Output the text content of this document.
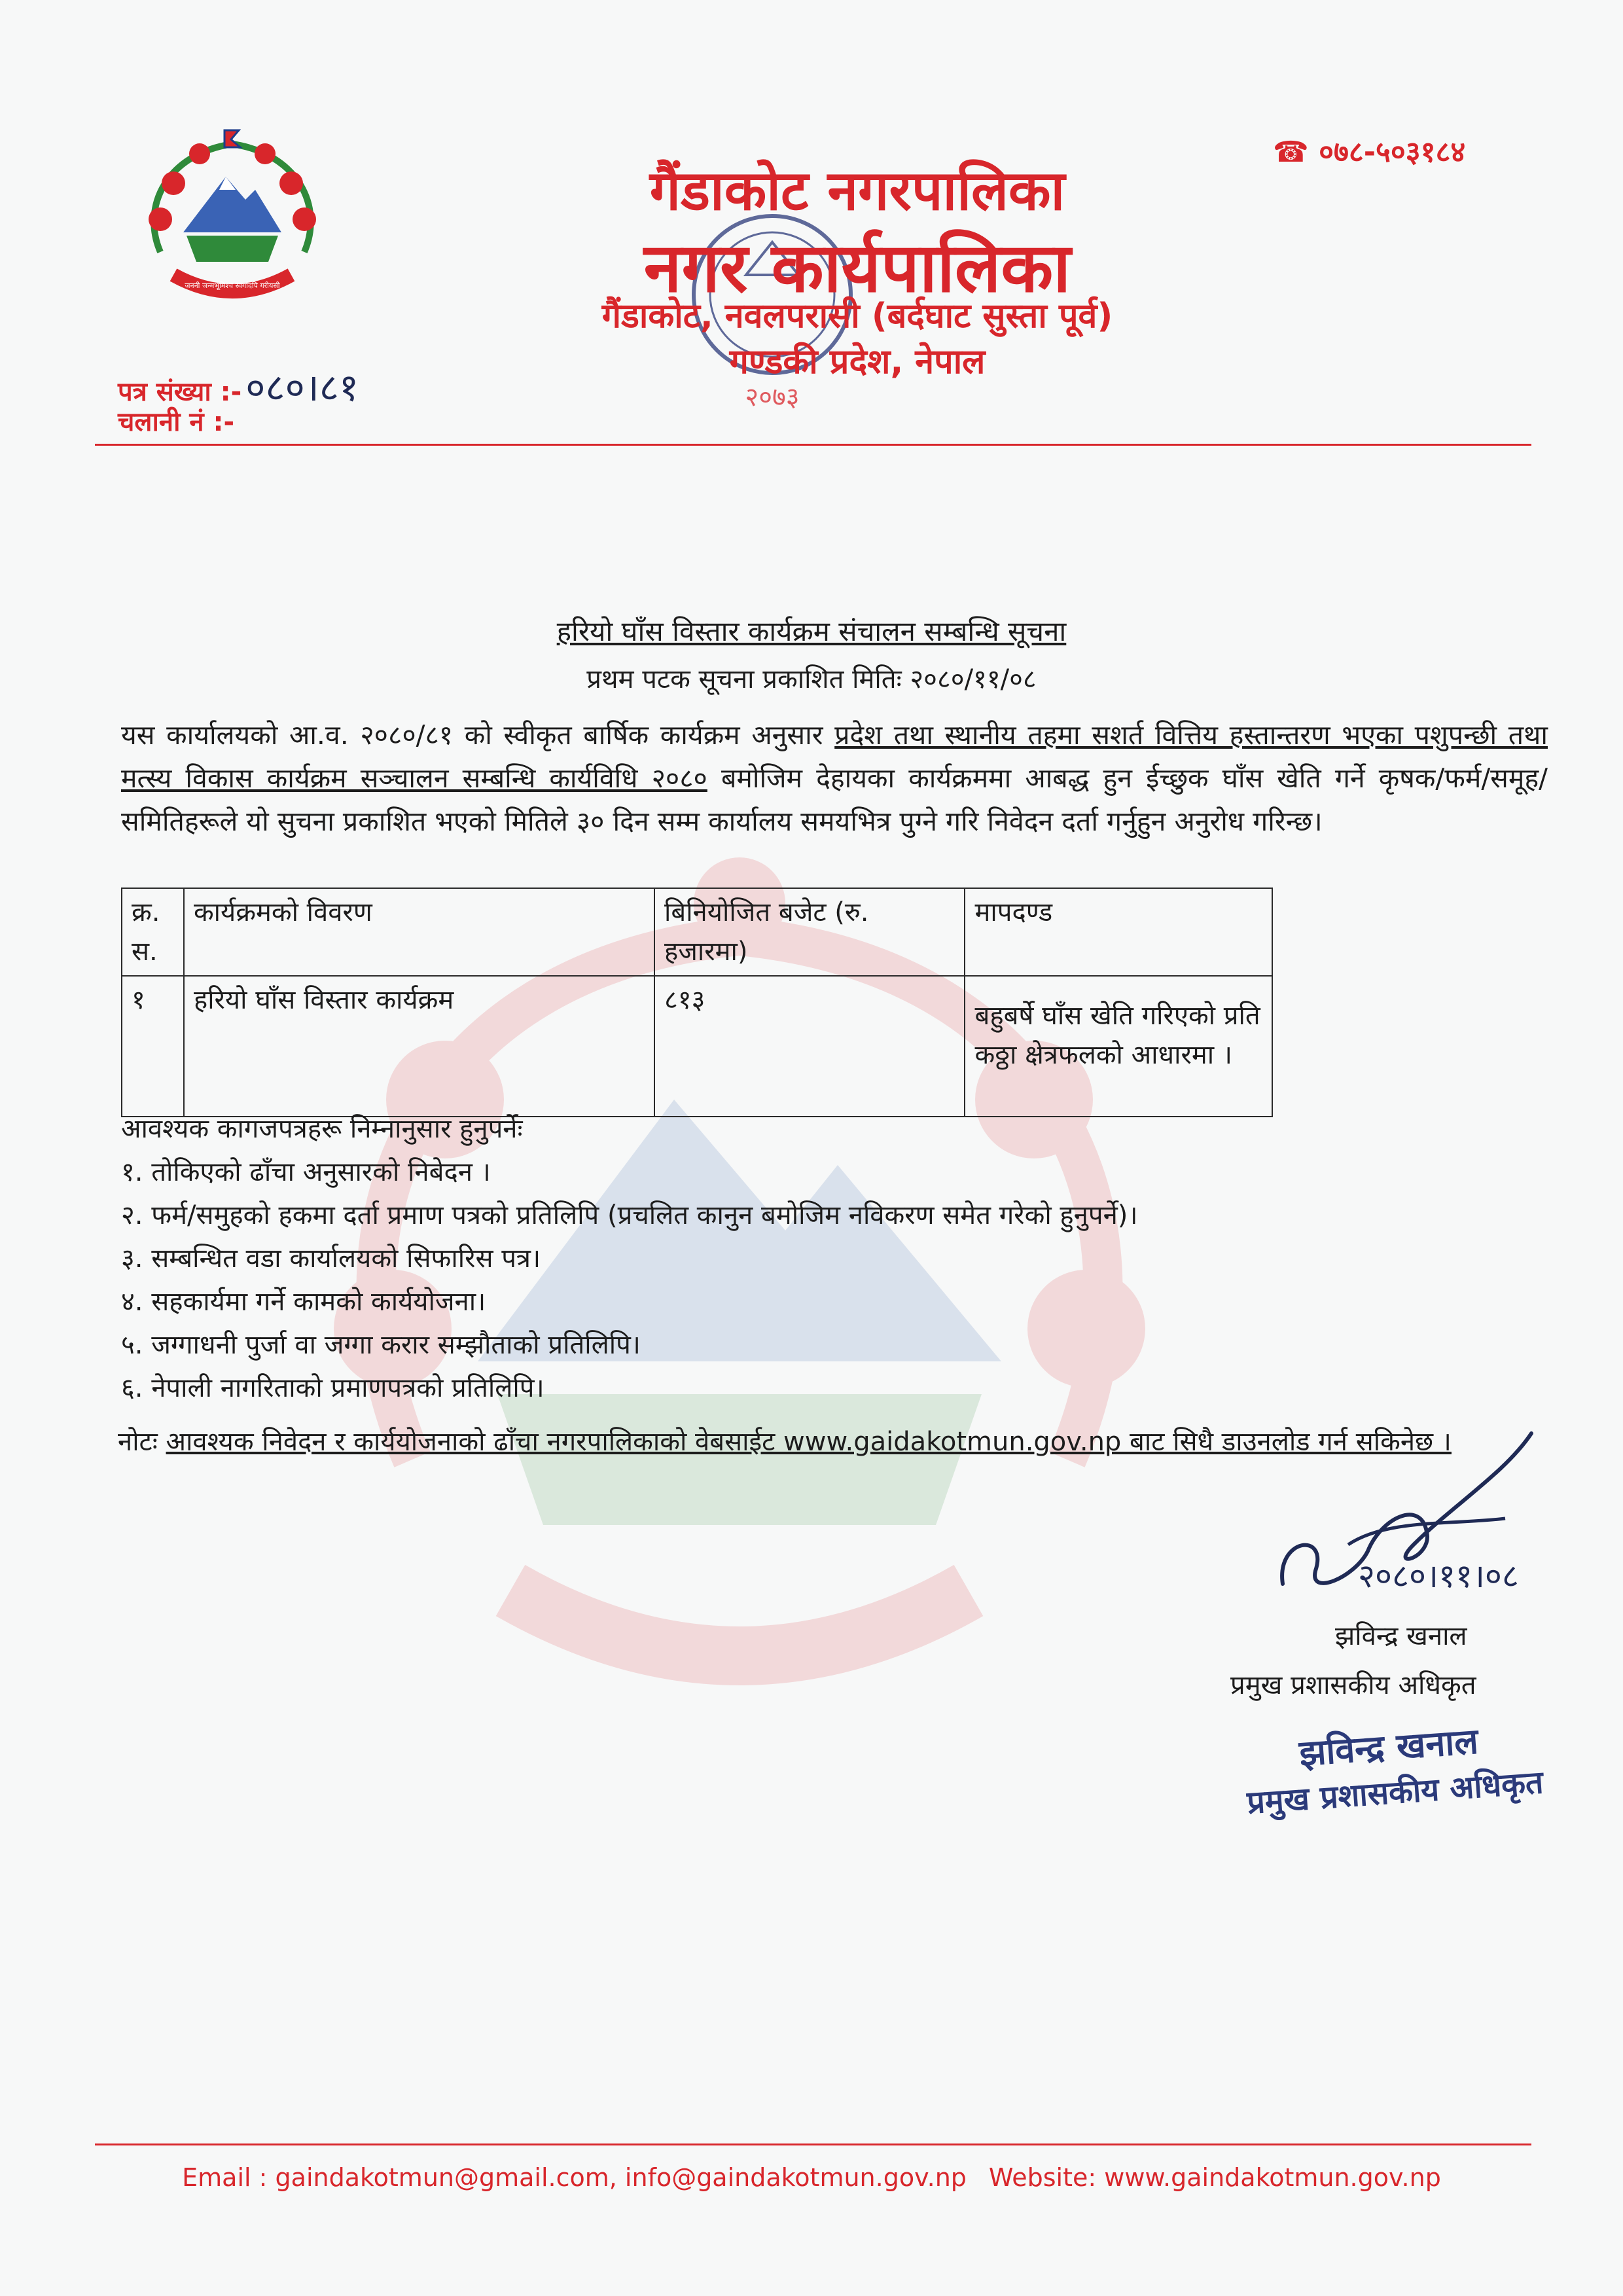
जननी जन्मभूमिश्च स्वर्गादपि गरीयसी
२०७३
☎ ०७८-५०३१८४
गैंडाकोट नगरपालिका
नगर कार्यपालिका
गैंडाकोट, नवलपरासी (बर्दघाट सुस्ता पूर्व)
गण्डकी प्रदेश, नेपाल
पत्र संख्या :- ०८०।८१
चलानी नं :-
हरियो घाँस विस्तार कार्यक्रम संचालन सम्बन्धि सूचना
प्रथम पटक सूचना प्रकाशित मितिः २०८०/११/०८
यस कार्यालयको आ.व. २०८०/८१ को स्वीकृत बार्षिक कार्यक्रम अनुसार प्रदेश तथा स्थानीय तहमा सशर्त वित्तिय हस्तान्तरण भएका पशुपन्छी तथा मत्स्य विकास कार्यक्रम सञ्चालन सम्बन्धि कार्यविधि २०८० बमोजिम देहायका कार्यक्रममा आबद्ध हुन ईच्छुक घाँस खेति गर्ने कृषक/फर्म/समूह/समितिहरूले यो सुचना प्रकाशित भएको मितिले ३० दिन सम्म कार्यालय समयभित्र पुग्ने गरि निवेदन दर्ता गर्नुहुन अनुरोध गरिन्छ।
क्र. स.	कार्यक्रमको विवरण	बिनियोजित बजेट (रु. हजारमा)	मापदण्ड
१	हरियो घाँस विस्तार कार्यक्रम	८१३	बहुबर्षे घाँस खेति गरिएको प्रति कठ्ठा क्षेत्रफलको आधारमा ।
आवश्यक कागजपत्रहरू निम्नानुसार हुनुपर्नेः
१. तोकिएको ढाँचा अनुसारको निबेदन ।
२. फर्म/समुहको हकमा दर्ता प्रमाण पत्रको प्रतिलिपि (प्रचलित कानुन बमोजिम नविकरण समेत गरेको हुनुपर्ने)।
३. सम्बन्धित वडा कार्यालयको सिफारिस पत्र।
४. सहकार्यमा गर्ने कामको कार्ययोजना।
५. जग्गाधनी पुर्जा वा जग्गा करार सम्झौताको प्रतिलिपि।
६. नेपाली नागरिताको प्रमाणपत्रको प्रतिलिपि।
नोटः आवश्यक निवेदन र कार्ययोजनाको ढाँचा नगरपालिकाको वेबसाईट www.gaidakotmun.gov.np बाट सिधै डाउनलोड गर्न सकिनेछ ।
२०८०।११।०८
झविन्द्र खनाल
प्रमुख प्रशासकीय अधिकृत
झविन्द्र खनाल
प्रमुख प्रशासकीय अधिकृत
Email : gaindakotmun@gmail.com, info@gaindakotmun.gov.np Website: www.gaindakotmun.gov.np
